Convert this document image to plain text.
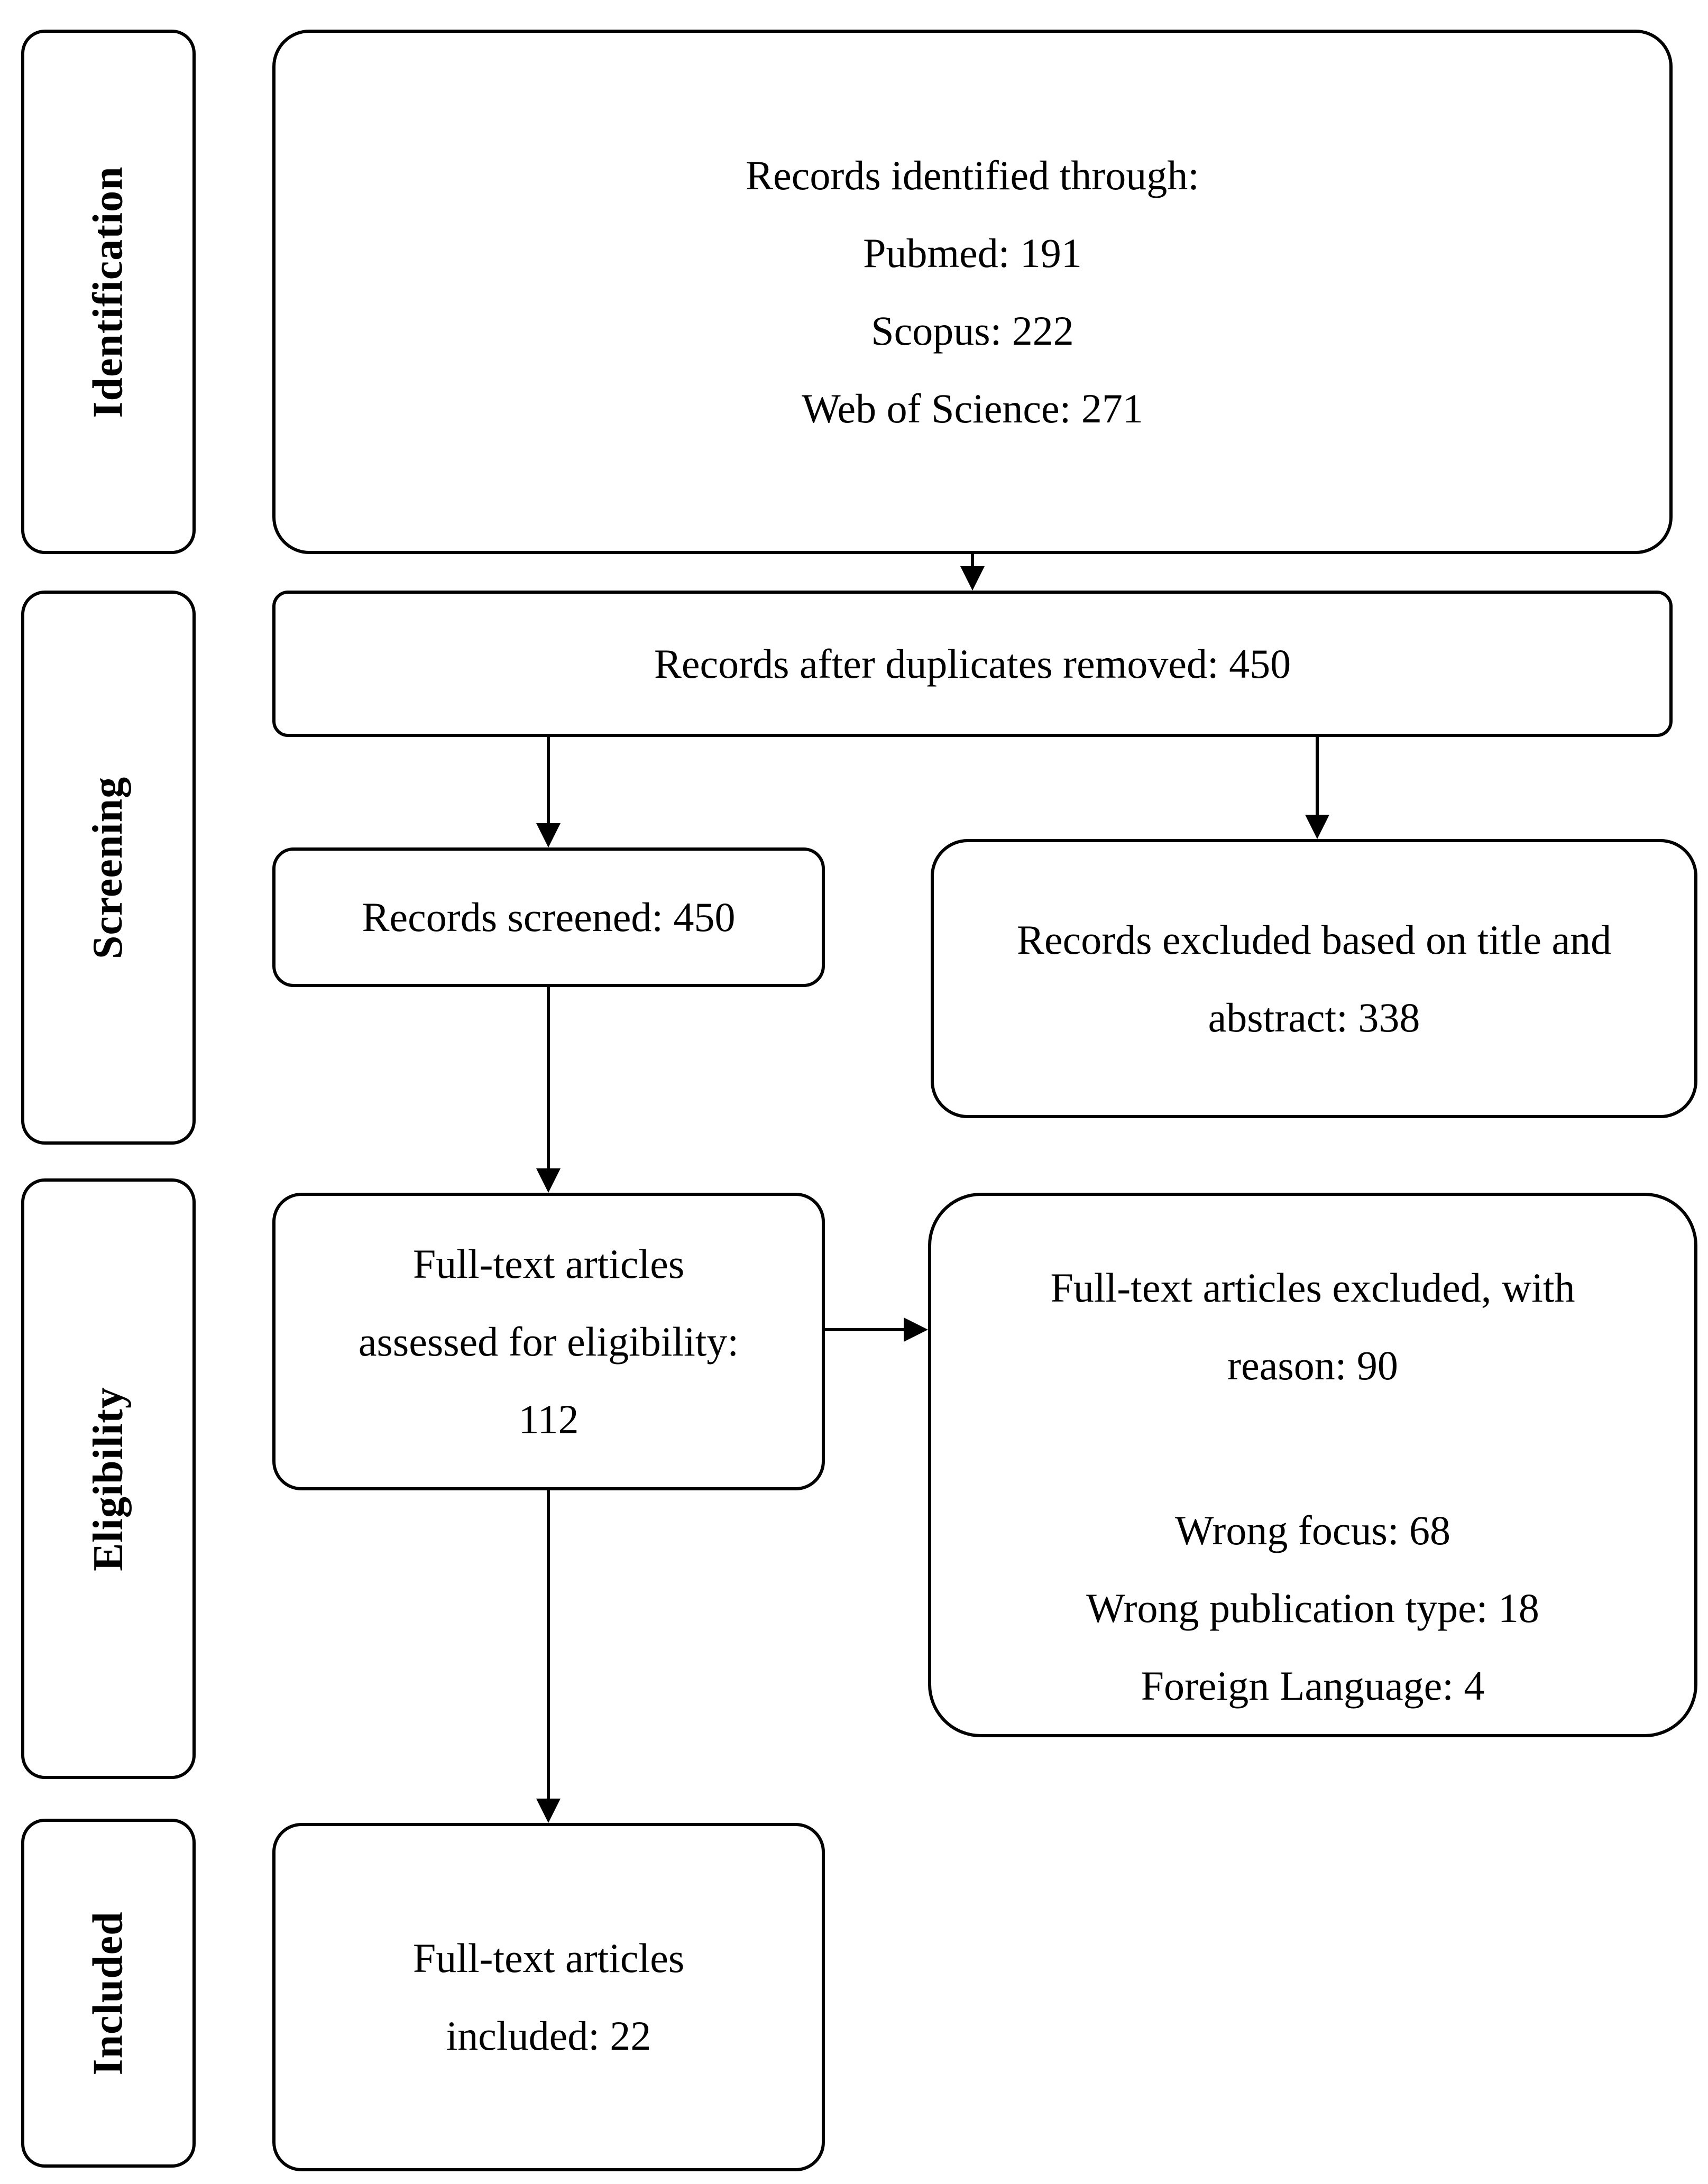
Identification
Screening
Eligibility
Included
Records identified through:
Pubmed: 191
Scopus: 222
Web of Science: 271
Records after duplicates removed: 450
Records screened: 450	Records excluded based on title and
abstract: 338
Full-text articles
assessed for eligibility:
112
Full-text articles excluded, with
reason: 90
Wrong focus: 68
Wrong publication type: 18
Foreign Language: 4
Full-text articles
included: 22
